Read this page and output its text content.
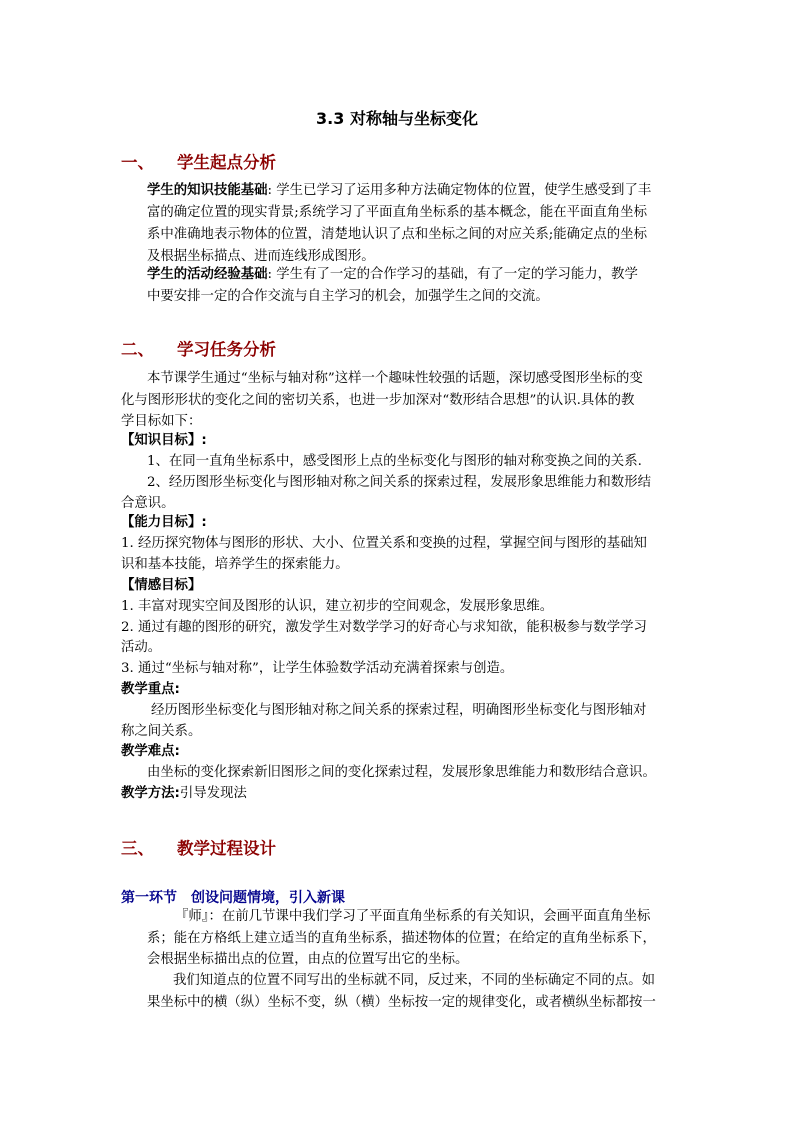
3.3 对称轴与坐标变化
一、 学生起点分析
学生的知识技能基础: 学生已学习了运用多种方法确定物体的位置，使学生感受到了丰
富的确定位置的现实背景;系统学习了平面直角坐标系的基本概念，能在平面直角坐标
系中准确地表示物体的位置，清楚地认识了点和坐标之间的对应关系;能确定点的坐标
及根据坐标描点、进而连线形成图形。
学生的活动经验基础: 学生有了一定的合作学习的基础，有了一定的学习能力，教学
中要安排一定的合作交流与自主学习的机会，加强学生之间的交流。
二、 学习任务分析
本节课学生通过“坐标与轴对称”这样一个趣味性较强的话题，深切感受图形坐标的变
化与图形形状的变化之间的密切关系，也进一步加深对“数形结合思想”的认识.具体的教
学目标如下：
【知识目标】:
1、在同一直角坐标系中，感受图形上点的坐标变化与图形的轴对称变换之间的关系.
2、经历图形坐标变化与图形轴对称之间关系的探索过程，发展形象思维能力和数形结
合意识。
【能力目标】:
1. 经历探究物体与图形的形状、大小、位置关系和变换的过程，掌握空间与图形的基础知
识和基本技能，培养学生的探索能力。
【情感目标】
1. 丰富对现实空间及图形的认识，建立初步的空间观念，发展形象思维。
2. 通过有趣的图形的研究，激发学生对数学学习的好奇心与求知欲，能积极参与数学学习
活动。
3. 通过“坐标与轴对称”，让学生体验数学活动充满着探索与创造。
教学重点:
经历图形坐标变化与图形轴对称之间关系的探索过程，明确图形坐标变化与图形轴对
称之间关系。
教学难点:
由坐标的变化探索新旧图形之间的变化探索过程，发展形象思维能力和数形结合意识。
教学方法:引导发现法
三、 教学过程设计
第一环节 创设问题情境，引入新课
『师』：在前几节课中我们学习了平面直角坐标系的有关知识，会画平面直角坐标
系；能在方格纸上建立适当的直角坐标系，描述物体的位置；在给定的直角坐标系下，
会根据坐标描出点的位置，由点的位置写出它的坐标。
我们知道点的位置不同写出的坐标就不同，反过来，不同的坐标确定不同的点。如
果坐标中的横（纵）坐标不变，纵（横）坐标按一定的规律变化，或者横纵坐标都按一
